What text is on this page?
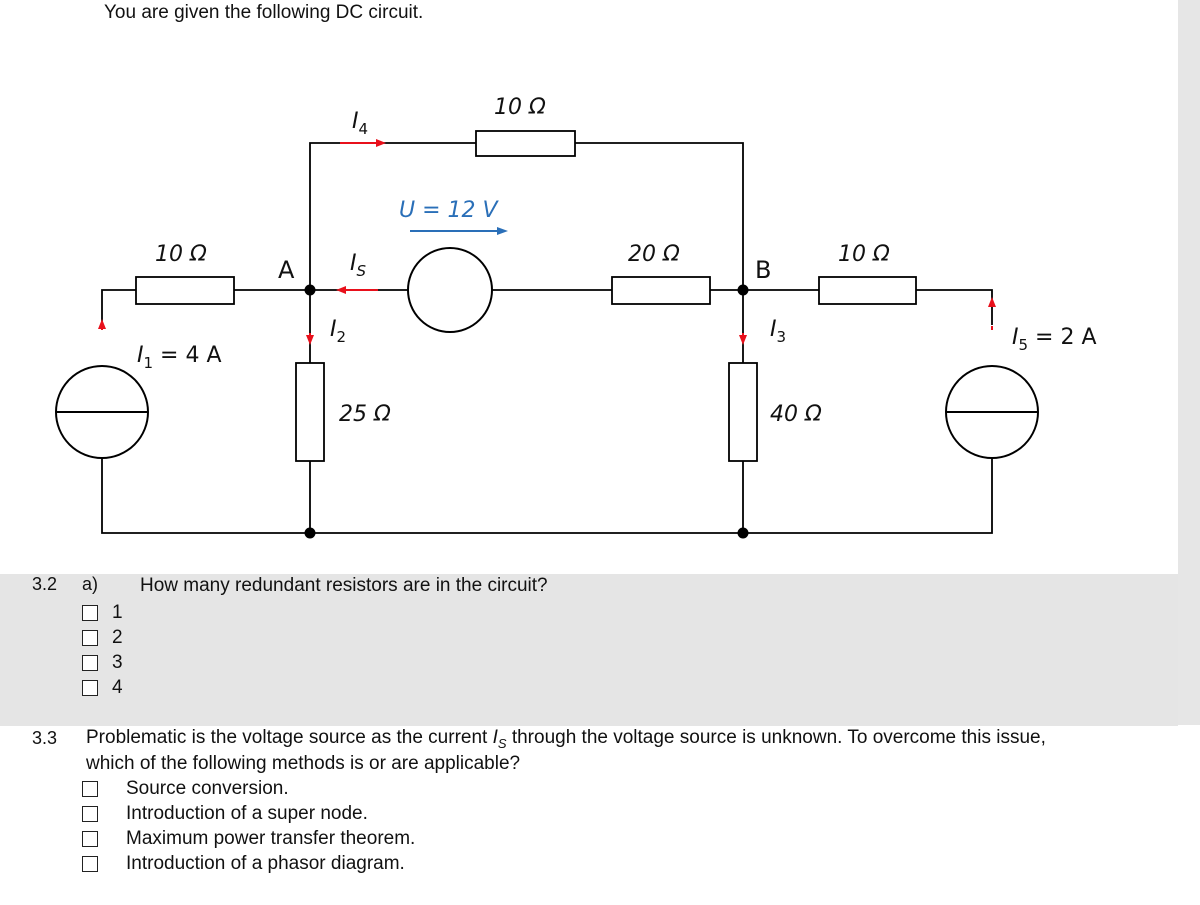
You are given the following DC circuit.
10 Ω
10 Ω	20 Ω	10 Ω
25 Ω	40 Ω
U = 12 V
A	B
$I_4$
$I_S$
$I_2$	$I_3$
$I_1 = 4$ A
$I_5 = 2$ A
3.2 a) How many redundant resistors are in the circuit?
1
2
3
4
3.3 Problematic is the voltage source as the current $I_S$ through the voltage source is unknown. To overcome this issue,
which of the following methods is or are applicable?
Source conversion.
Introduction of a super node.
Maximum power transfer theorem.
Introduction of a phasor diagram.
